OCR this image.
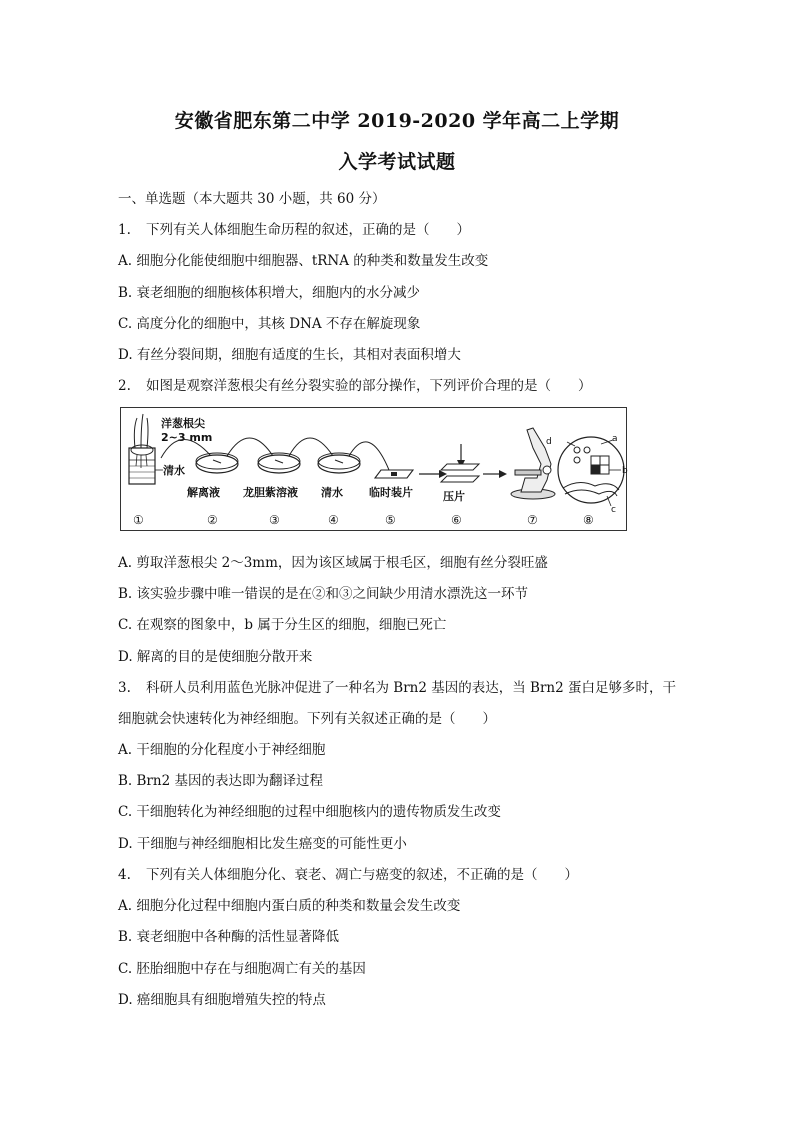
安徽省肥东第二中学 2019-2020 学年高二上学期
入学考试试题
一、单选题（本大题共 30 小题，共 60 分）
1. 下列有关人体细胞生命历程的叙述，正确的是（　　）
A. 细胞分化能使细胞中细胞器、tRNA 的种类和数量发生改变
B. 衰老细胞的细胞核体积增大，细胞内的水分减少
C. 高度分化的细胞中，其核 DNA 不存在解旋现象
D. 有丝分裂间期，细胞有适度的生长，其相对表面积增大
2. 如图是观察洋葱根尖有丝分裂实验的部分操作，下列评价合理的是（　　）
洋葱根尖
2~3 mm
清水
a
b
c
d
解离液 龙胆紫溶液 清水 临时装片	压片
①	②	③	④	⑤	⑥	⑦	⑧
A. 剪取洋葱根尖 2～3mm，因为该区域属于根毛区，细胞有丝分裂旺盛
B. 该实验步骤中唯一错误的是在②和③之间缺少用清水漂洗这一环节
C. 在观察的图象中，b 属于分生区的细胞，细胞已死亡
D. 解离的目的是使细胞分散开来
3. 科研人员利用蓝色光脉冲促进了一种名为 Brn2 基因的表达，当 Brn2 蛋白足够多时，干
细胞就会快速转化为神经细胞。下列有关叙述正确的是（　　）
A. 干细胞的分化程度小于神经细胞
B. Brn2 基因的表达即为翻译过程
C. 干细胞转化为神经细胞的过程中细胞核内的遗传物质发生改变
D. 干细胞与神经细胞相比发生癌变的可能性更小
4. 下列有关人体细胞分化、衰老、凋亡与癌变的叙述，不正确的是（　　）
A. 细胞分化过程中细胞内蛋白质的种类和数量会发生改变
B. 衰老细胞中各种酶的活性显著降低
C. 胚胎细胞中存在与细胞凋亡有关的基因
D. 癌细胞具有细胞增殖失控的特点
